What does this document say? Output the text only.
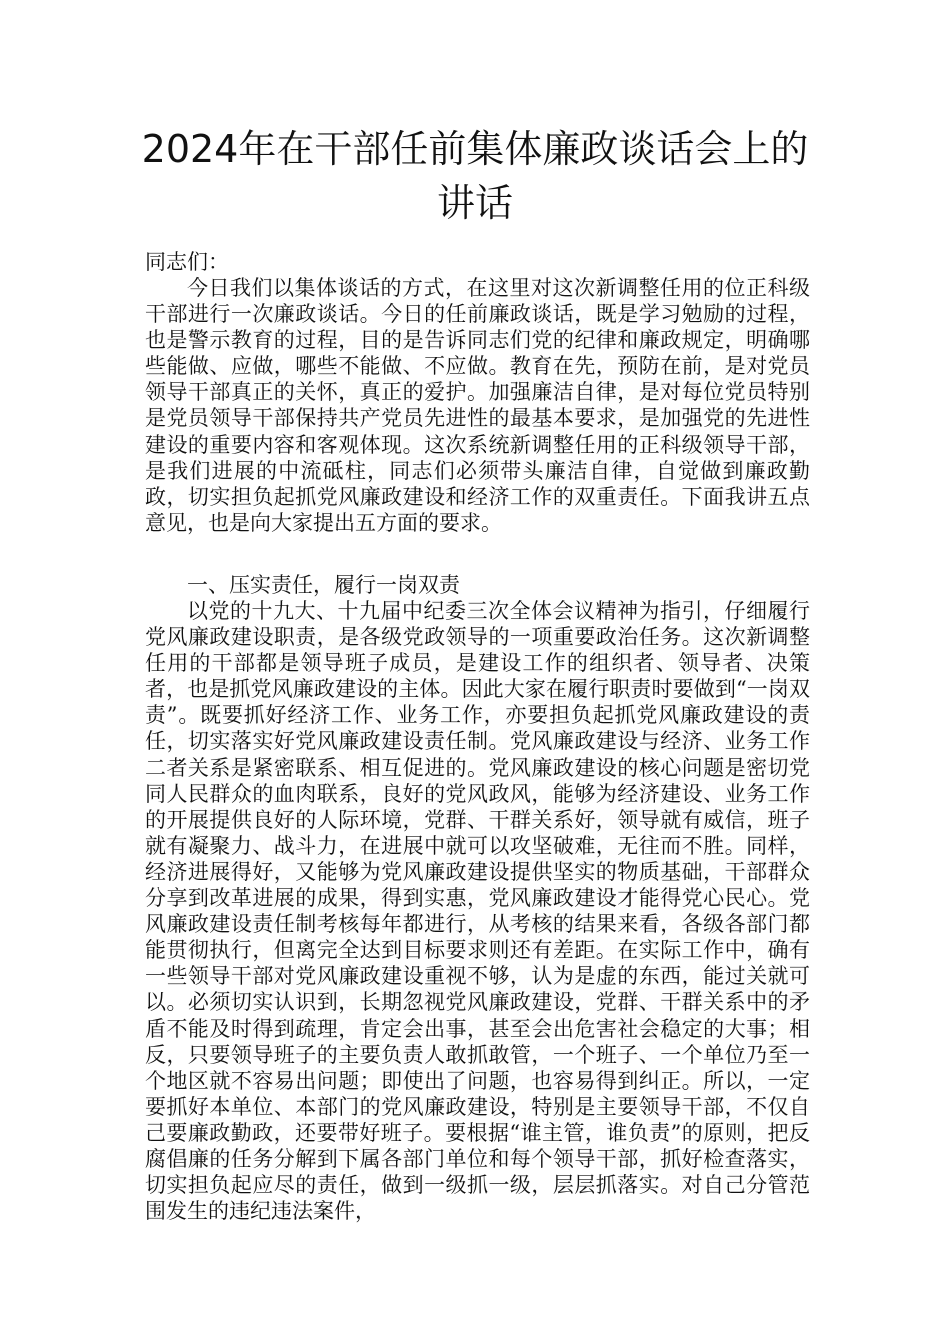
2024年在干部任前集体廉政谈话会上的
讲话

同志们：

今日我们以集体谈话的方式，在这里对这次新调整任用的位正科级干部进行一次廉政谈话。今日的任前廉政谈话，既是学习勉励的过程，也是警示教育的过程，目的是告诉同志们党的纪律和廉政规定，明确哪些能做、应做，哪些不能做、不应做。教育在先，预防在前，是对党员领导干部真正的关怀，真正的爱护。加强廉洁自律，是对每位党员特别是党员领导干部保持共产党员先进性的最基本要求，是加强党的先进性建设的重要内容和客观体现。这次系统新调整任用的正科级领导干部，是我们进展的中流砥柱，同志们必须带头廉洁自律，自觉做到廉政勤政，切实担负起抓党风廉政建设和经济工作的双重责任。下面我讲五点意见，也是向大家提出五方面的要求。

一、压实责任，履行一岗双责

以党的十九大、十九届中纪委三次全体会议精神为指引，仔细履行党风廉政建设职责，是各级党政领导的一项重要政治任务。这次新调整任用的干部都是领导班子成员，是建设工作的组织者、领导者、决策者，也是抓党风廉政建设的主体。因此大家在履行职责时要做到“一岗双责”。既要抓好经济工作、业务工作，亦要担负起抓党风廉政建设的责任，切实落实好党风廉政建设责任制。党风廉政建设与经济、业务工作二者关系是紧密联系、相互促进的。党风廉政建设的核心问题是密切党同人民群众的血肉联系，良好的党风政风，能够为经济建设、业务工作的开展提供良好的人际环境，党群、干群关系好，领导就有威信，班子就有凝聚力、战斗力，在进展中就可以攻坚破难，无往而不胜。同样，经济进展得好，又能够为党风廉政建设提供坚实的物质基础，干部群众分享到改革进展的成果，得到实惠，党风廉政建设才能得党心民心。党风廉政建设责任制考核每年都进行，从考核的结果来看，各级各部门都能贯彻执行，但离完全达到目标要求则还有差距。在实际工作中，确有一些领导干部对党风廉政建设重视不够，认为是虚的东西，能过关就可以。必须切实认识到，长期忽视党风廉政建设，党群、干群关系中的矛盾不能及时得到疏理，肯定会出事，甚至会出危害社会稳定的大事；相反，只要领导班子的主要负责人敢抓敢管，一个班子、一个单位乃至一个地区就不容易出问题；即使出了问题，也容易得到纠正。所以，一定要抓好本单位、本部门的党风廉政建设，特别是主要领导干部，不仅自己要廉政勤政，还要带好班子。要根据“谁主管，谁负责”的原则，把反腐倡廉的任务分解到下属各部门单位和每个领导干部，抓好检查落实，切实担负起应尽的责任，做到一级抓一级，层层抓落实。对自己分管范围发生的违纪违法案件，
